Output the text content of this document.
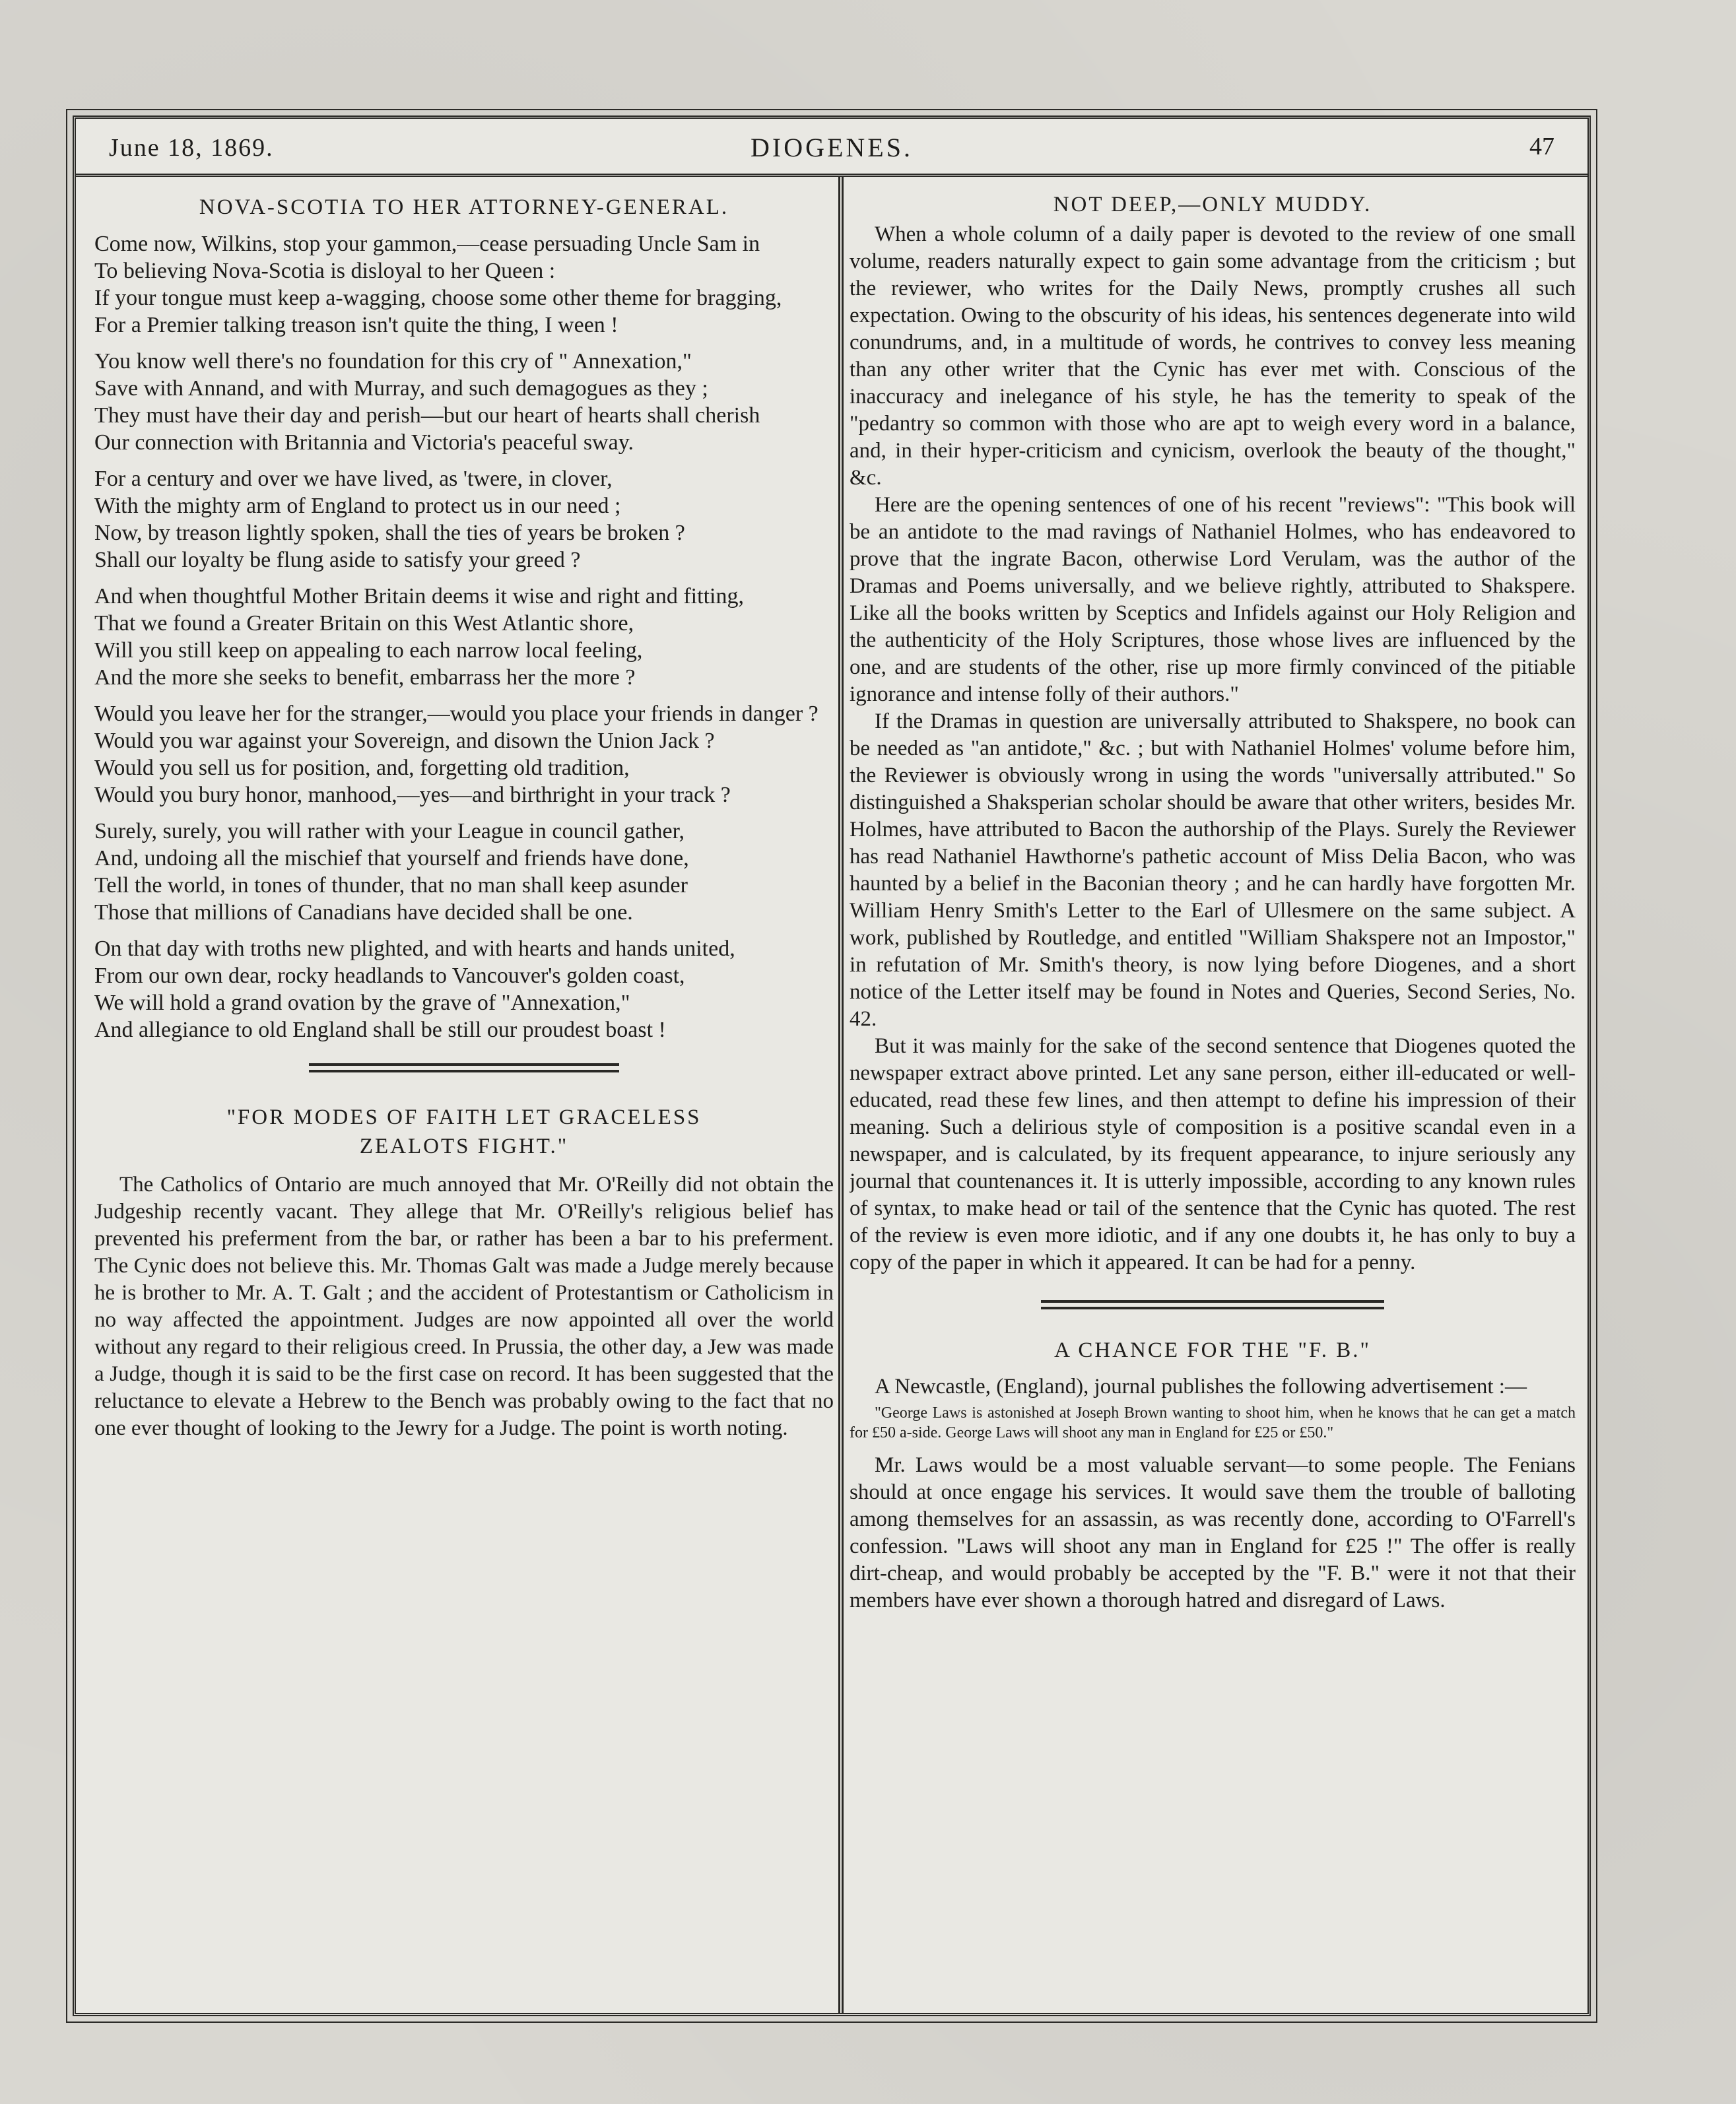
June 18, 1869.	DIOGENES.	47
NOVA-SCOTIA TO HER ATTORNEY-GENERAL.
Come now, Wilkins, stop your gammon,—cease persuading Uncle Sam in
To believing Nova-Scotia is disloyal to her Queen :
If your tongue must keep a-wagging, choose some other theme for bragging,
For a Premier talking treason isn't quite the thing, I ween !
You know well there's no foundation for this cry of " Annexation,"
Save with Annand, and with Murray, and such demagogues as they ;
They must have their day and perish—but our heart of hearts shall cherish
Our connection with Britannia and Victoria's peaceful sway.
For a century and over we have lived, as 'twere, in clover,
With the mighty arm of England to protect us in our need ;
Now, by treason lightly spoken, shall the ties of years be broken ?
Shall our loyalty be flung aside to satisfy your greed ?
And when thoughtful Mother Britain deems it wise and right and fitting,
That we found a Greater Britain on this West Atlantic shore,
Will you still keep on appealing to each narrow local feeling,
And the more she seeks to benefit, embarrass her the more ?
Would you leave her for the stranger,—would you place your friends in danger ?
Would you war against your Sovereign, and disown the Union Jack ?
Would you sell us for position, and, forgetting old tradition,
Would you bury honor, manhood,—yes—and birthright in your track ?
Surely, surely, you will rather with your League in council gather,
And, undoing all the mischief that yourself and friends have done,
Tell the world, in tones of thunder, that no man shall keep asunder
Those that millions of Canadians have decided shall be one.
On that day with troths new plighted, and with hearts and hands united,
From our own dear, rocky headlands to Vancouver's golden coast,
We will hold a grand ovation by the grave of "Annexation,"
And allegiance to old England shall be still our proudest boast !
"FOR MODES OF FAITH LET GRACELESS ZEALOTS FIGHT."

The Catholics of Ontario are much annoyed that Mr. O'Reilly did not obtain the Judgeship recently vacant. They allege that Mr. O'Reilly's religious belief has prevented his preferment from the bar, or rather has been a bar to his preferment. The Cynic does not believe this. Mr. Thomas Galt was made a Judge merely because he is brother to Mr. A. T. Galt ; and the accident of Protestantism or Catholicism in no way affected the appointment. Judges are now appointed all over the world without any regard to their religious creed. In Prussia, the other day, a Jew was made a Judge, though it is said to be the first case on record. It has been suggested that the reluctance to elevate a Hebrew to the Bench was probably owing to the fact that no one ever thought of looking to the Jewry for a Judge. The point is worth noting.

NOT DEEP,—ONLY MUDDY.

When a whole column of a daily paper is devoted to the review of one small volume, readers naturally expect to gain some advantage from the criticism ; but the reviewer, who writes for the Daily News, promptly crushes all such expectation. Owing to the obscurity of his ideas, his sentences degenerate into wild conundrums, and, in a multitude of words, he contrives to convey less meaning than any other writer that the Cynic has ever met with. Conscious of the inaccuracy and inelegance of his style, he has the temerity to speak of the "pedantry so common with those who are apt to weigh every word in a balance, and, in their hyper-criticism and cynicism, overlook the beauty of the thought," &c.

Here are the opening sentences of one of his recent "reviews": "This book will be an antidote to the mad ravings of Nathaniel Holmes, who has endeavored to prove that the ingrate Bacon, otherwise Lord Verulam, was the author of the Dramas and Poems universally, and we believe rightly, attributed to Shakspere. Like all the books written by Sceptics and Infidels against our Holy Religion and the authenticity of the Holy Scriptures, those whose lives are influenced by the one, and are students of the other, rise up more firmly convinced of the pitiable ignorance and intense folly of their authors."

If the Dramas in question are universally attributed to Shakspere, no book can be needed as "an antidote," &c. ; but with Nathaniel Holmes' volume before him, the Reviewer is obviously wrong in using the words "universally attributed." So distinguished a Shaksperian scholar should be aware that other writers, besides Mr. Holmes, have attributed to Bacon the authorship of the Plays. Surely the Reviewer has read Nathaniel Hawthorne's pathetic account of Miss Delia Bacon, who was haunted by a belief in the Baconian theory ; and he can hardly have forgotten Mr. William Henry Smith's Letter to the Earl of Ullesmere on the same subject. A work, published by Routledge, and entitled "William Shakspere not an Impostor," in refutation of Mr. Smith's theory, is now lying before Diogenes, and a short notice of the Letter itself may be found in Notes and Queries, Second Series, No. 42.

But it was mainly for the sake of the second sentence that Diogenes quoted the newspaper extract above printed. Let any sane person, either ill-educated or well-educated, read these few lines, and then attempt to define his impression of their meaning. Such a delirious style of composition is a positive scandal even in a newspaper, and is calculated, by its frequent appearance, to injure seriously any journal that countenances it. It is utterly impossible, according to any known rules of syntax, to make head or tail of the sentence that the Cynic has quoted. The rest of the review is even more idiotic, and if any one doubts it, he has only to buy a copy of the paper in which it appeared. It can be had for a penny.

A CHANCE FOR THE "F. B."

A Newcastle, (England), journal publishes the following advertisement :—

"George Laws is astonished at Joseph Brown wanting to shoot him, when he knows that he can get a match for £50 a-side. George Laws will shoot any man in England for £25 or £50."

Mr. Laws would be a most valuable servant—to some people. The Fenians should at once engage his services. It would save them the trouble of balloting among themselves for an assassin, as was recently done, according to O'Farrell's confession. "Laws will shoot any man in England for £25 !" The offer is really dirt-cheap, and would probably be accepted by the "F. B." were it not that their members have ever shown a thorough hatred and disregard of Laws.
